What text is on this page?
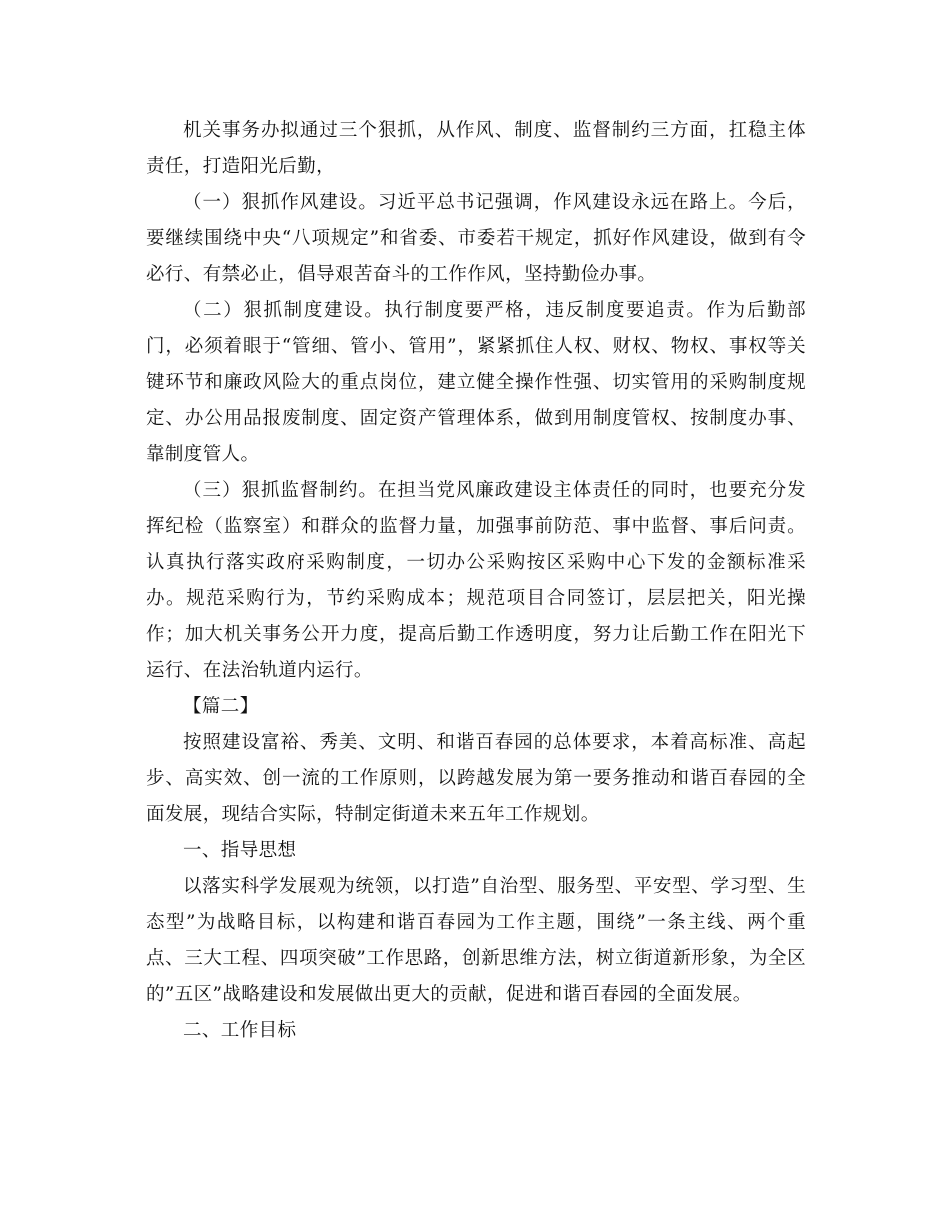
机关事务办拟通过三个狠抓，从作风、制度、监督制约三方面，扛稳主体责任，打造阳光后勤，

（一）狠抓作风建设。习近平总书记强调，作风建设永远在路上。今后，要继续围绕中央“八项规定”和省委、市委若干规定，抓好作风建设，做到有令必行、有禁必止，倡导艰苦奋斗的工作作风，坚持勤俭办事。

（二）狠抓制度建设。执行制度要严格，违反制度要追责。作为后勤部门，必须着眼于“管细、管小、管用”，紧紧抓住人权、财权、物权、事权等关键环节和廉政风险大的重点岗位，建立健全操作性强、切实管用的采购制度规定、办公用品报废制度、固定资产管理体系，做到用制度管权、按制度办事、靠制度管人。

（三）狠抓监督制约。在担当党风廉政建设主体责任的同时，也要充分发挥纪检（监察室）和群众的监督力量，加强事前防范、事中监督、事后问责。认真执行落实政府采购制度，一切办公采购按区采购中心下发的金额标准采办。规范采购行为，节约采购成本；规范项目合同签订，层层把关，阳光操作；加大机关事务公开力度，提高后勤工作透明度，努力让后勤工作在阳光下运行、在法治轨道内运行。

【篇二】

按照建设富裕、秀美、文明、和谐百春园的总体要求，本着高标准、高起步、高实效、创一流的工作原则，以跨越发展为第一要务推动和谐百春园的全面发展，现结合实际，特制定街道未来五年工作规划。

一、指导思想

以落实科学发展观为统领，以打造”自治型、服务型、平安型、学习型、生态型”为战略目标，以构建和谐百春园为工作主题，围绕”一条主线、两个重点、三大工程、四项突破”工作思路，创新思维方法，树立街道新形象，为全区的”五区”战略建设和发展做出更大的贡献，促进和谐百春园的全面发展。

二、工作目标
